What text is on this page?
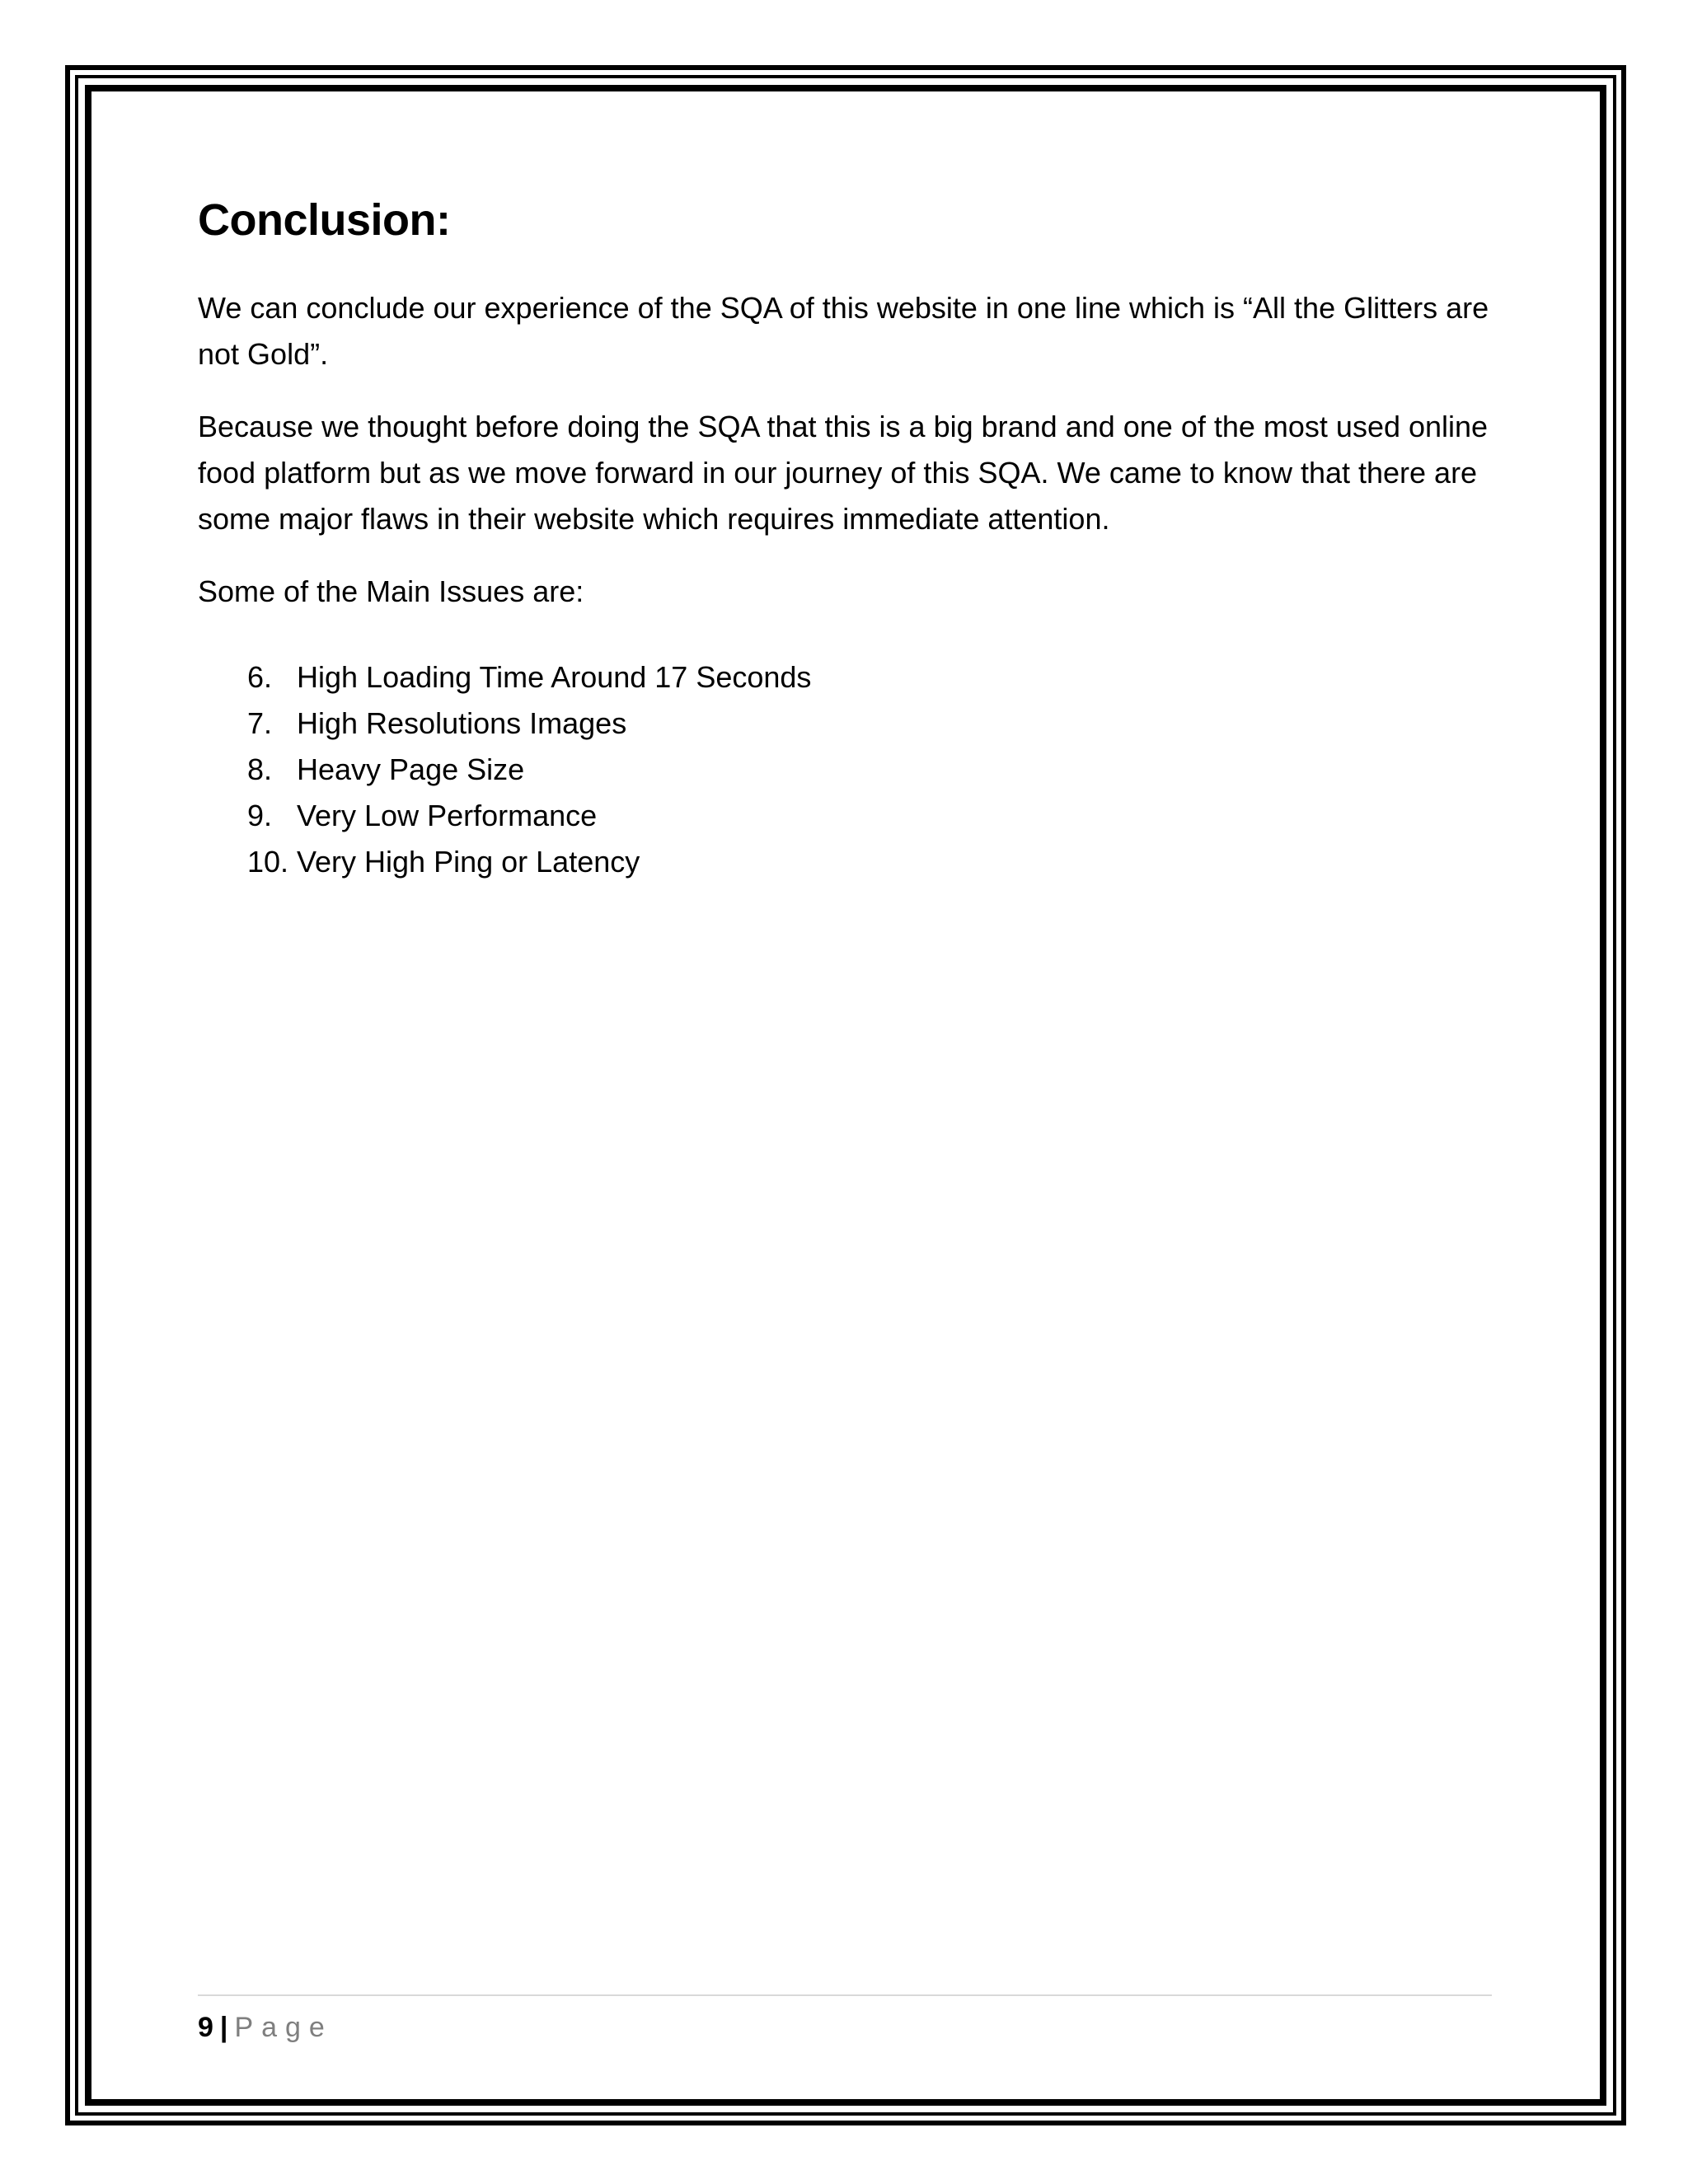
Conclusion:

We can conclude our experience of the SQA of this website in one line which is “All the Glitters are not Gold”.

Because we thought before doing the SQA that this is a big brand and one of the most used online food platform but as we move forward in our journey of this SQA. We came to know that there are some major flaws in their website which requires immediate attention.

Some of the Main Issues are:

6. High Loading Time Around 17 Seconds
7. High Resolutions Images
8. Heavy Page Size
9. Very Low Performance
10. Very High Ping or Latency
9 | Page
